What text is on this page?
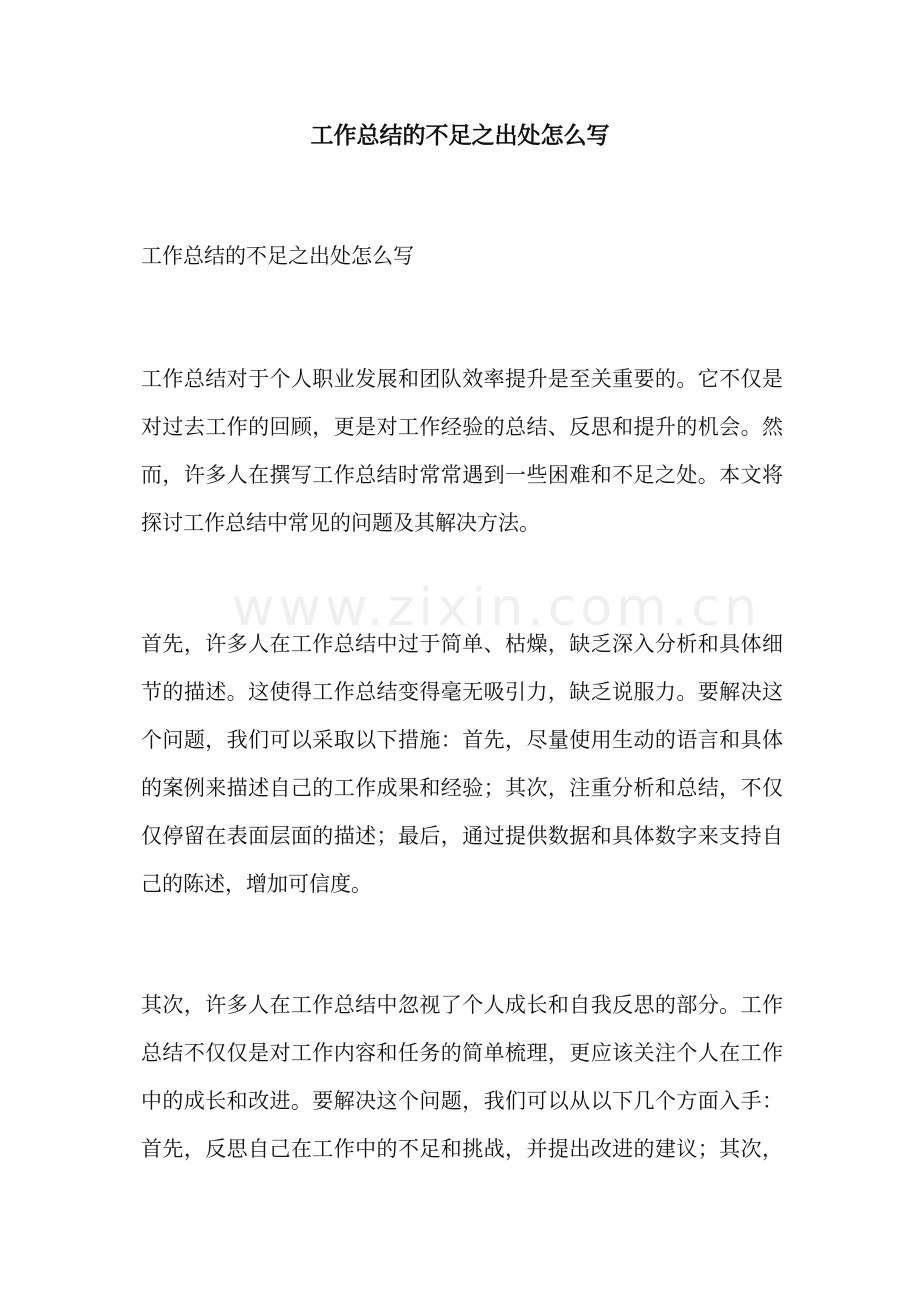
www.zixin.com.cn
工作总结的不足之出处怎么写

工作总结的不足之出处怎么写

工作总结对于个人职业发展和团队效率提升是至关重要的。它不仅是
对过去工作的回顾，更是对工作经验的总结、反思和提升的机会。然
而，许多人在撰写工作总结时常常遇到一些困难和不足之处。本文将
探讨工作总结中常见的问题及其解决方法。
首先，许多人在工作总结中过于简单、枯燥，缺乏深入分析和具体细
节的描述。这使得工作总结变得毫无吸引力，缺乏说服力。要解决这
个问题，我们可以采取以下措施：首先，尽量使用生动的语言和具体
的案例来描述自己的工作成果和经验；其次，注重分析和总结，不仅
仅停留在表面层面的描述；最后，通过提供数据和具体数字来支持自
己的陈述，增加可信度。
其次，许多人在工作总结中忽视了个人成长和自我反思的部分。工作
总结不仅仅是对工作内容和任务的简单梳理，更应该关注个人在工作
中的成长和改进。要解决这个问题，我们可以从以下几个方面入手：
首先，反思自己在工作中的不足和挑战，并提出改进的建议；其次，
